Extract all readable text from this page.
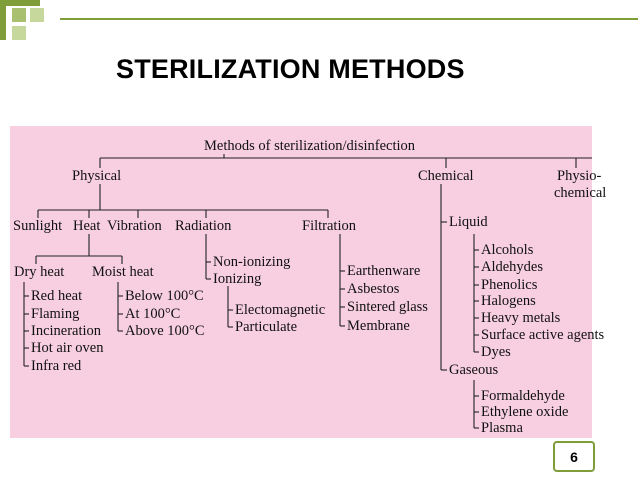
STERILIZATION METHODS
Methods of sterilization/disinfection
Physical	Chemical	Physio-
chemical
Sunlight Heat Vibration Radiation	Filtration
Dry heat Moist heat
Red heat
Flaming
Incineration
Hot air oven
Infra red
Below 100°C
At 100°C
Above 100°C
Non-ionizing
Ionizing
Electomagnetic
Particulate
Earthenware
Asbestos
Sintered glass
Membrane
Liquid
Alcohols
Aldehydes
Phenolics
Halogens
Heavy metals
Surface active agents
Dyes
Gaseous
Formaldehyde
Ethylene oxide
Plasma
6
